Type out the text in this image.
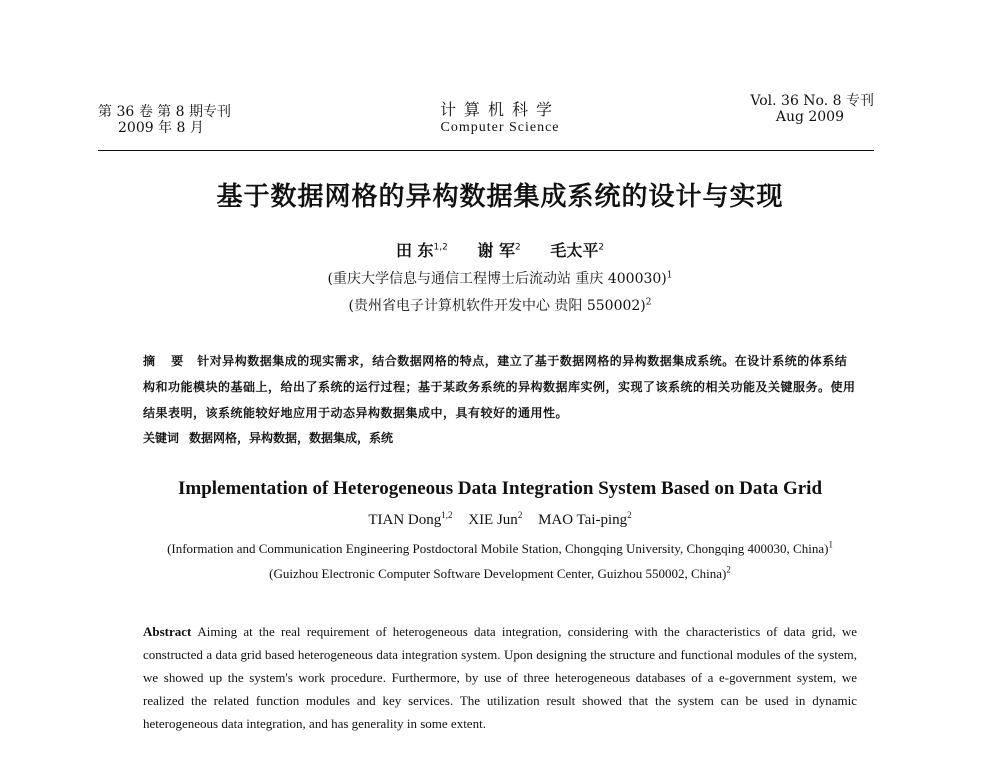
第 36 卷 第 8 期专刊
2009 年 8 月
计算机科学
Computer Science
Vol. 36 No. 8 专刊
Aug 2009
基于数据网格的异构数据集成系统的设计与实现
田 东$^{1,2}$ 谢 军$^2$ 毛太平$^2$
(重庆大学信息与通信工程博士后流动站 重庆 400030)$^1$
(贵州省电子计算机软件开发中心 贵阳 550002)$^2$
摘 要 针对异构数据集成的现实需求，结合数据网格的特点，建立了基于数据网格的异构数据集成系统。在设计系统的体系结构和功能模块的基础上，给出了系统的运行过程；基于某政务系统的异构数据库实例，实现了该系统的相关功能及关键服务。使用结果表明，该系统能较好地应用于动态异构数据集成中，具有较好的通用性。
关键词 数据网格，异构数据，数据集成，系统
Implementation of Heterogeneous Data Integration System Based on Data Grid
TIAN Dong$^{1,2}$ XIE Jun$^2$ MAO Tai-ping$^2$
(Information and Communication Engineering Postdoctoral Mobile Station, Chongqing University, Chongqing 400030, China)$^1$
(Guizhou Electronic Computer Software Development Center, Guizhou 550002, China)$^2$
Abstract Aiming at the real requirement of heterogeneous data integration, considering with the characteristics of data grid, we constructed a data grid based heterogeneous data integration system. Upon designing the structure and functional modules of the system, we showed up the system's work procedure. Furthermore, by use of three heterogeneous databases of a e-government system, we realized the related function modules and key services. The utilization result showed that the system can be used in dynamic heterogeneous data integration, and has generality in some extent.
